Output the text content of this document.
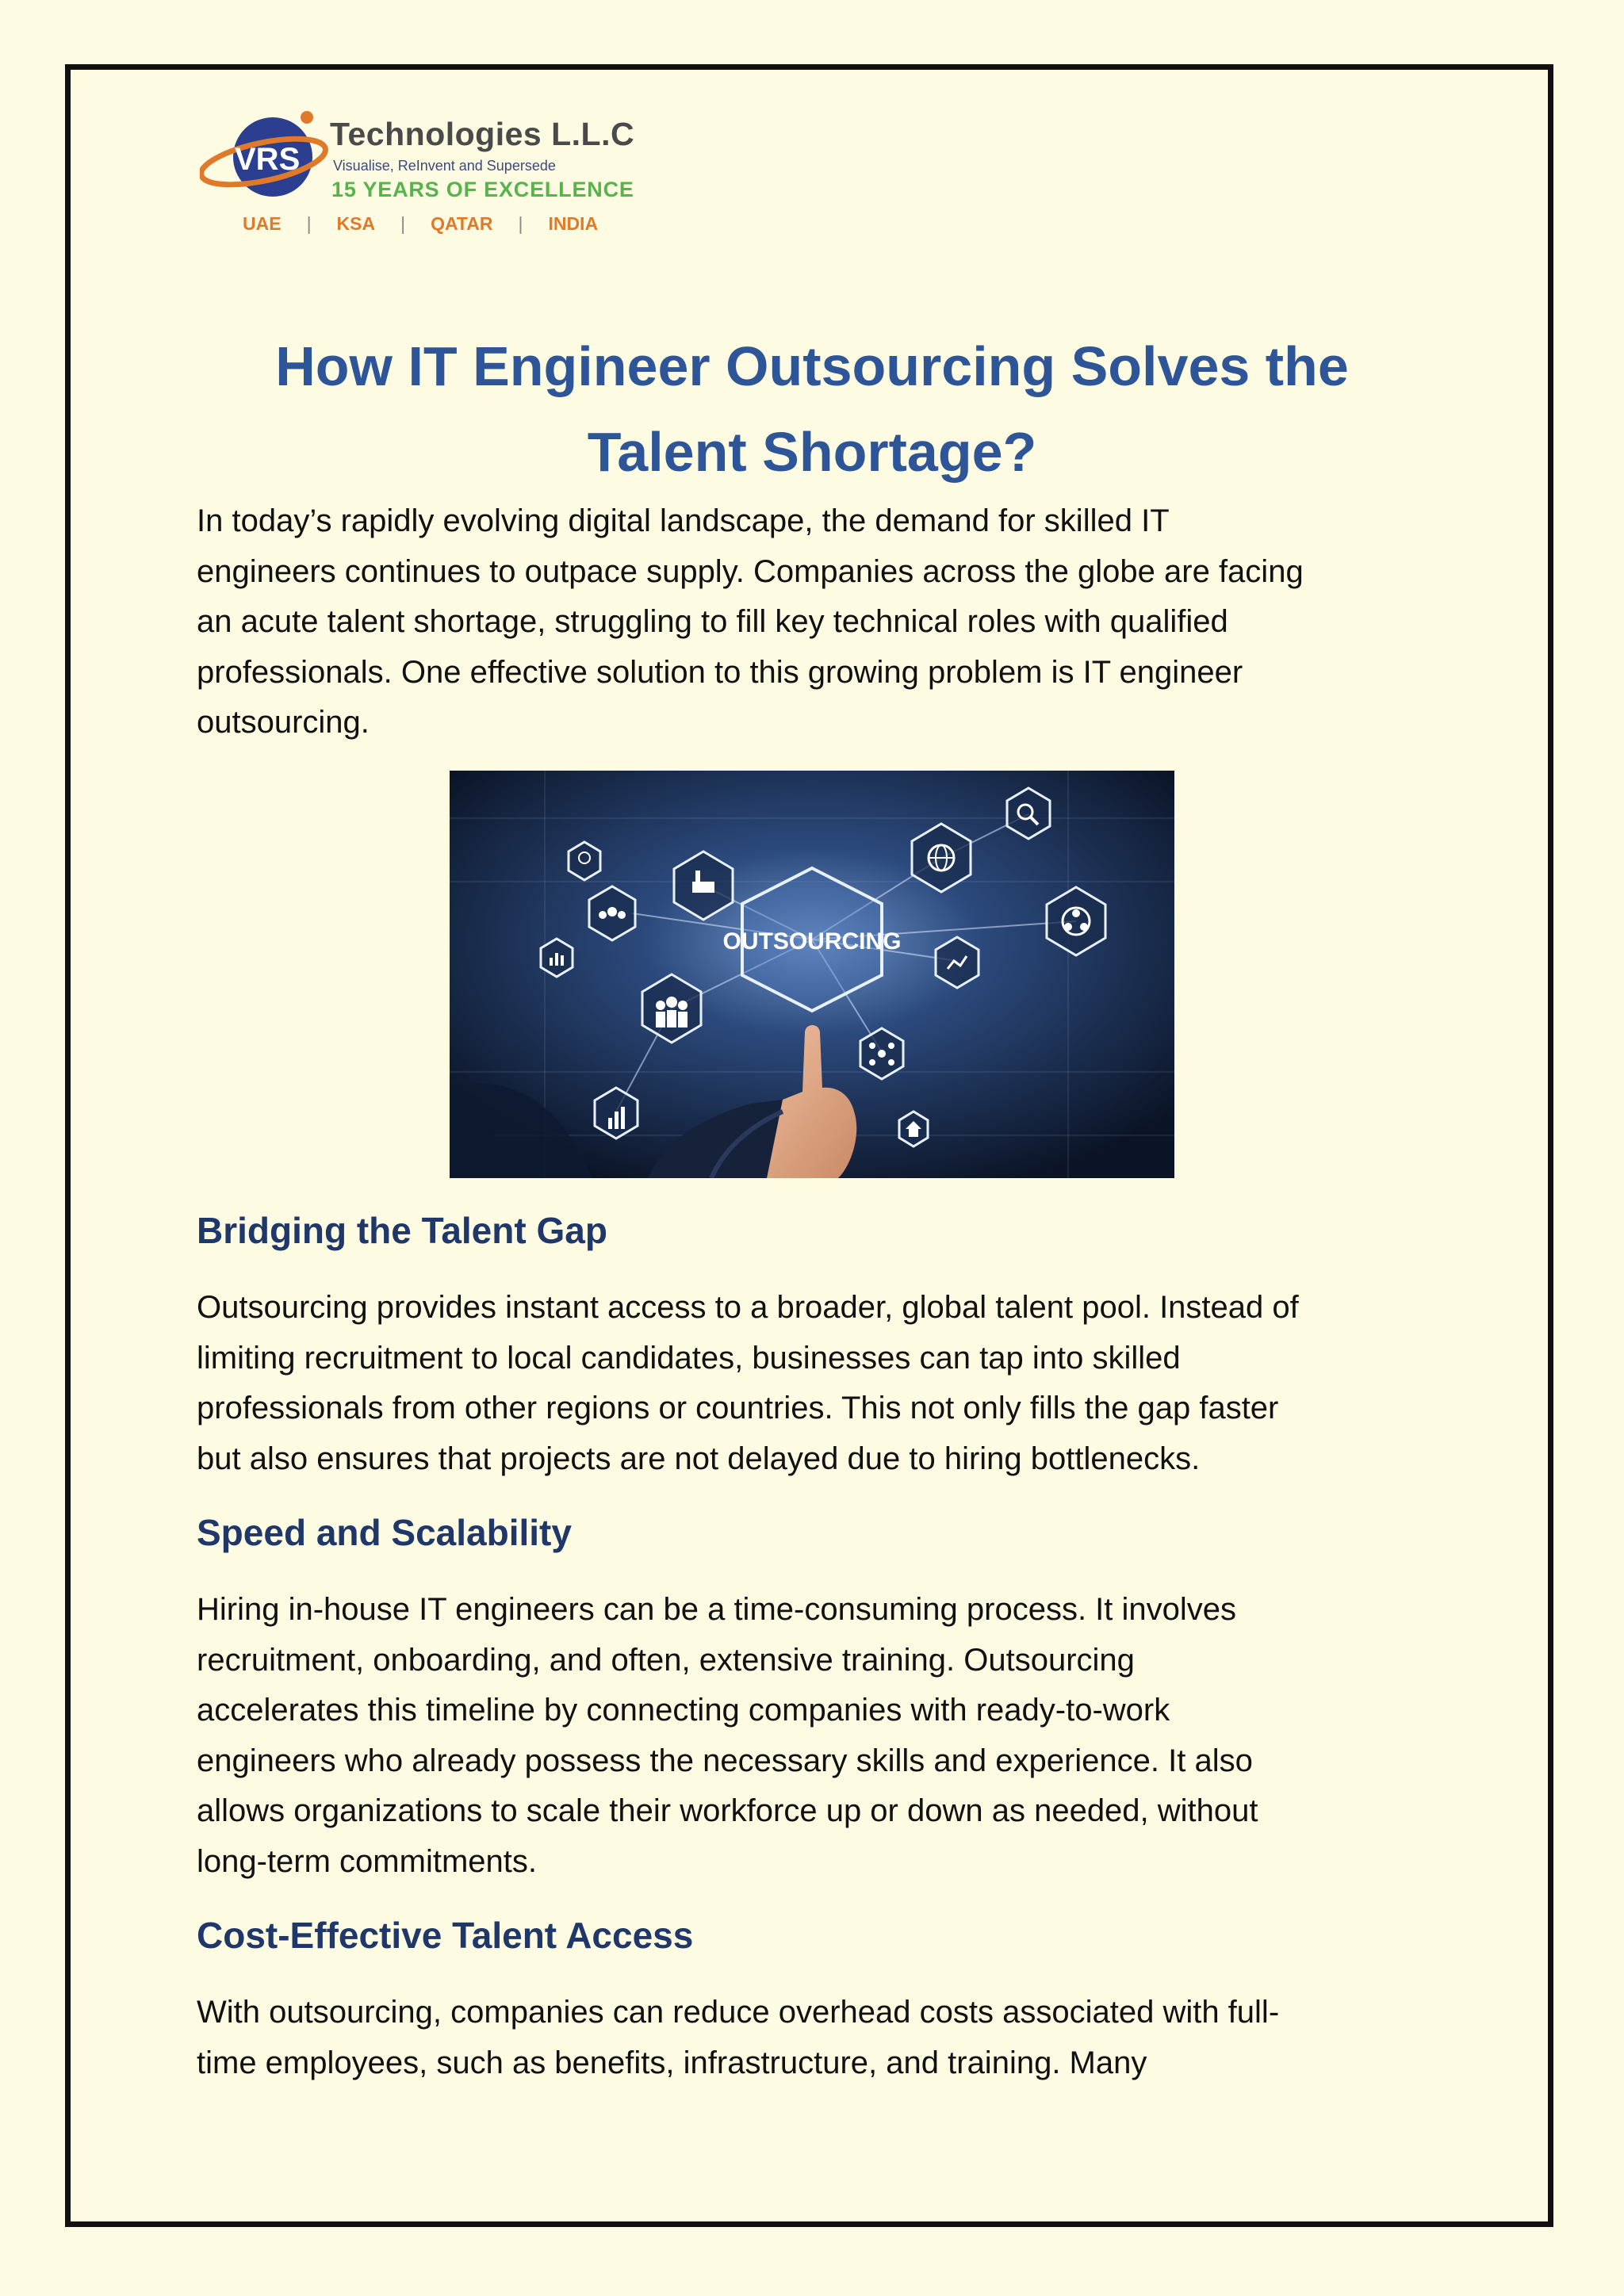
VRS
Technologies L.L.C
Visualise, ReInvent and Supersede
15 YEARS OF EXCELLENCE
UAE | KSA | QATAR | INDIA
How IT Engineer Outsourcing Solves the
Talent Shortage?

In today’s rapidly evolving digital landscape, the demand for skilled IT
engineers continues to outpace supply. Companies across the globe are facing
an acute talent shortage, struggling to fill key technical roles with qualified
professionals. One effective solution to this growing problem is IT engineer
outsourcing.

OUTSOURCING
Bridging the Talent Gap

Outsourcing provides instant access to a broader, global talent pool. Instead of
limiting recruitment to local candidates, businesses can tap into skilled
professionals from other regions or countries. This not only fills the gap faster
but also ensures that projects are not delayed due to hiring bottlenecks.

Speed and Scalability

Hiring in-house IT engineers can be a time-consuming process. It involves
recruitment, onboarding, and often, extensive training. Outsourcing
accelerates this timeline by connecting companies with ready-to-work
engineers who already possess the necessary skills and experience. It also
allows organizations to scale their workforce up or down as needed, without
long-term commitments.

Cost-Effective Talent Access

With outsourcing, companies can reduce overhead costs associated with full-
time employees, such as benefits, infrastructure, and training. Many
